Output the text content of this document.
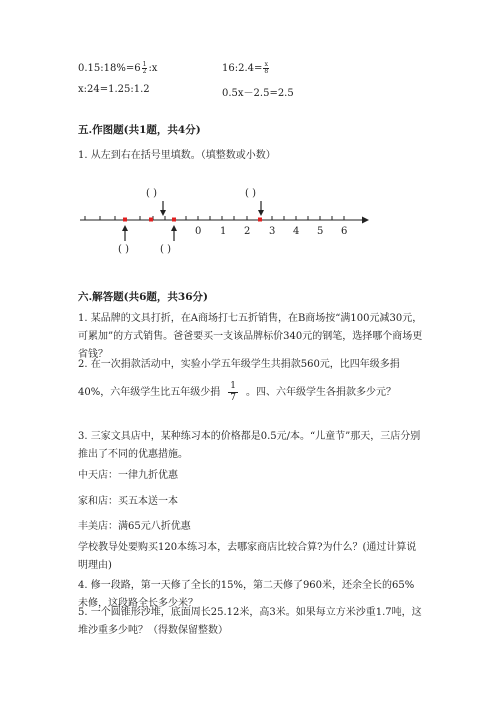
0.15:18%=6 $\frac{1}{2}$ :x	16:2.4= $\frac{x}{8}$
x:24=1.25:1.2	0.5x－2.5=2.5
五.作图题(共1题，共4分)
1. 从左到右在括号里填数。（填整数或小数）
0 1 2 3 4 5 6
( )	( )
( )	( )
六.解答题(共6题，共36分)
1. 某品牌的文具打折，在A商场打七五折销售，在B商场按“满100元减30元，可累加”的方式销售。爸爸要买一支该品牌标价340元的钢笔，选择哪个商场更省钱？
2. 在一次捐款活动中，实验小学五年级学生共捐款560元，比四年级多捐
40%，六年级学生比五年级少捐 $\frac{1}{7}$ 。四、六年级学生各捐款多少元？
3. 三家文具店中，某种练习本的价格都是0.5元/本。“儿童节”那天，三店分别推出了不同的优惠措施。
中天店：一律九折优惠
家和店：买五本送一本
丰美店：满65元八折优惠
学校教导处要购买120本练习本，去哪家商店比较合算?为什么？(通过计算说明理由)
4. 修一段路，第一天修了全长的15%，第二天修了960米，还余全长的65%未修，这段路全长多少米？
5. 一个圆锥形沙堆，底面周长25.12米，高3米。如果每立方米沙重1.7吨，这堆沙重多少吨？（得数保留整数）
